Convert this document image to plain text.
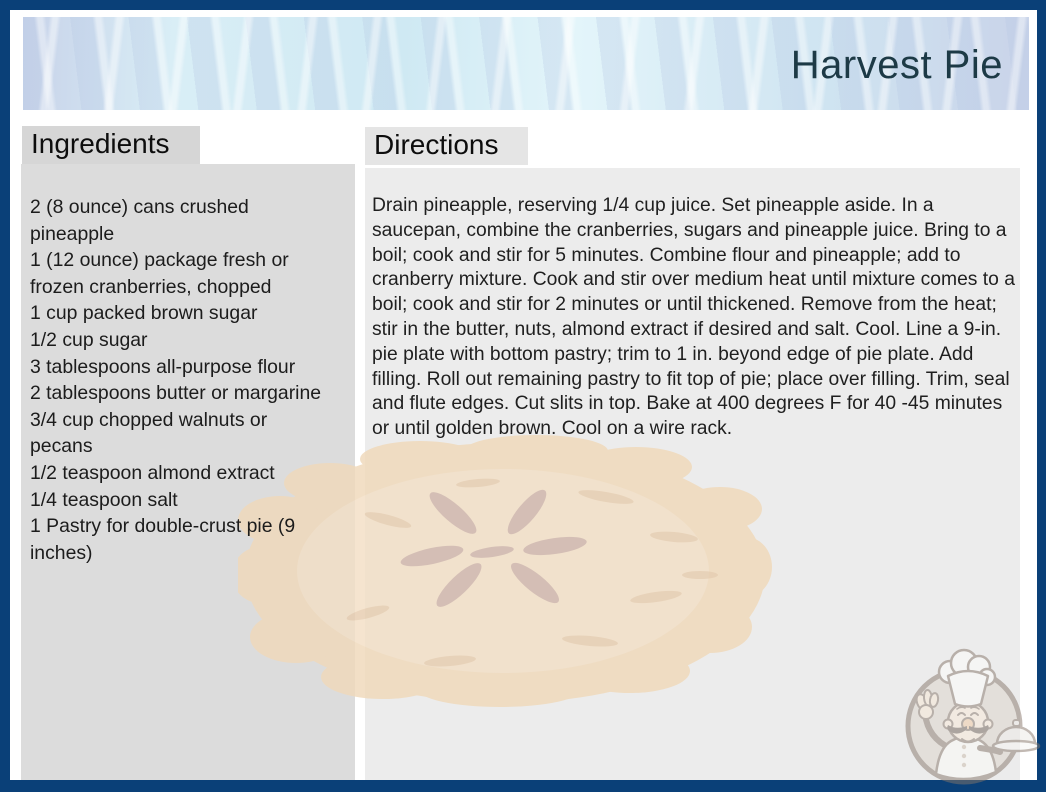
Harvest Pie
Ingredients	Directions
2 (8 ounce) cans crushed pineapple
1 (12 ounce) package fresh or frozen cranberries, chopped
1 cup packed brown sugar
1/2 cup sugar
3 tablespoons all-purpose flour
2 tablespoons butter or margarine
3/4 cup chopped walnuts or pecans
1/2 teaspoon almond extract
1/4 teaspoon salt
1 Pastry for double-crust pie (9 inches)
Drain pineapple, reserving 1/4 cup juice. Set pineapple aside. In a saucepan, combine the cranberries, sugars and pineapple juice. Bring to a boil; cook and stir for 5 minutes. Combine flour and pineapple; add to cranberry mixture. Cook and stir over medium heat until mixture comes to a boil; cook and stir for 2 minutes or until thickened. Remove from the heat; stir in the butter, nuts, almond extract if desired and salt. Cool. Line a 9-in. pie plate with bottom pastry; trim to 1 in. beyond edge of pie plate. Add filling. Roll out remaining pastry to fit top of pie; place over filling. Trim, seal and flute edges. Cut slits in top. Bake at 400 degrees F for 40 -45 minutes or until golden brown. Cool on a wire rack.
